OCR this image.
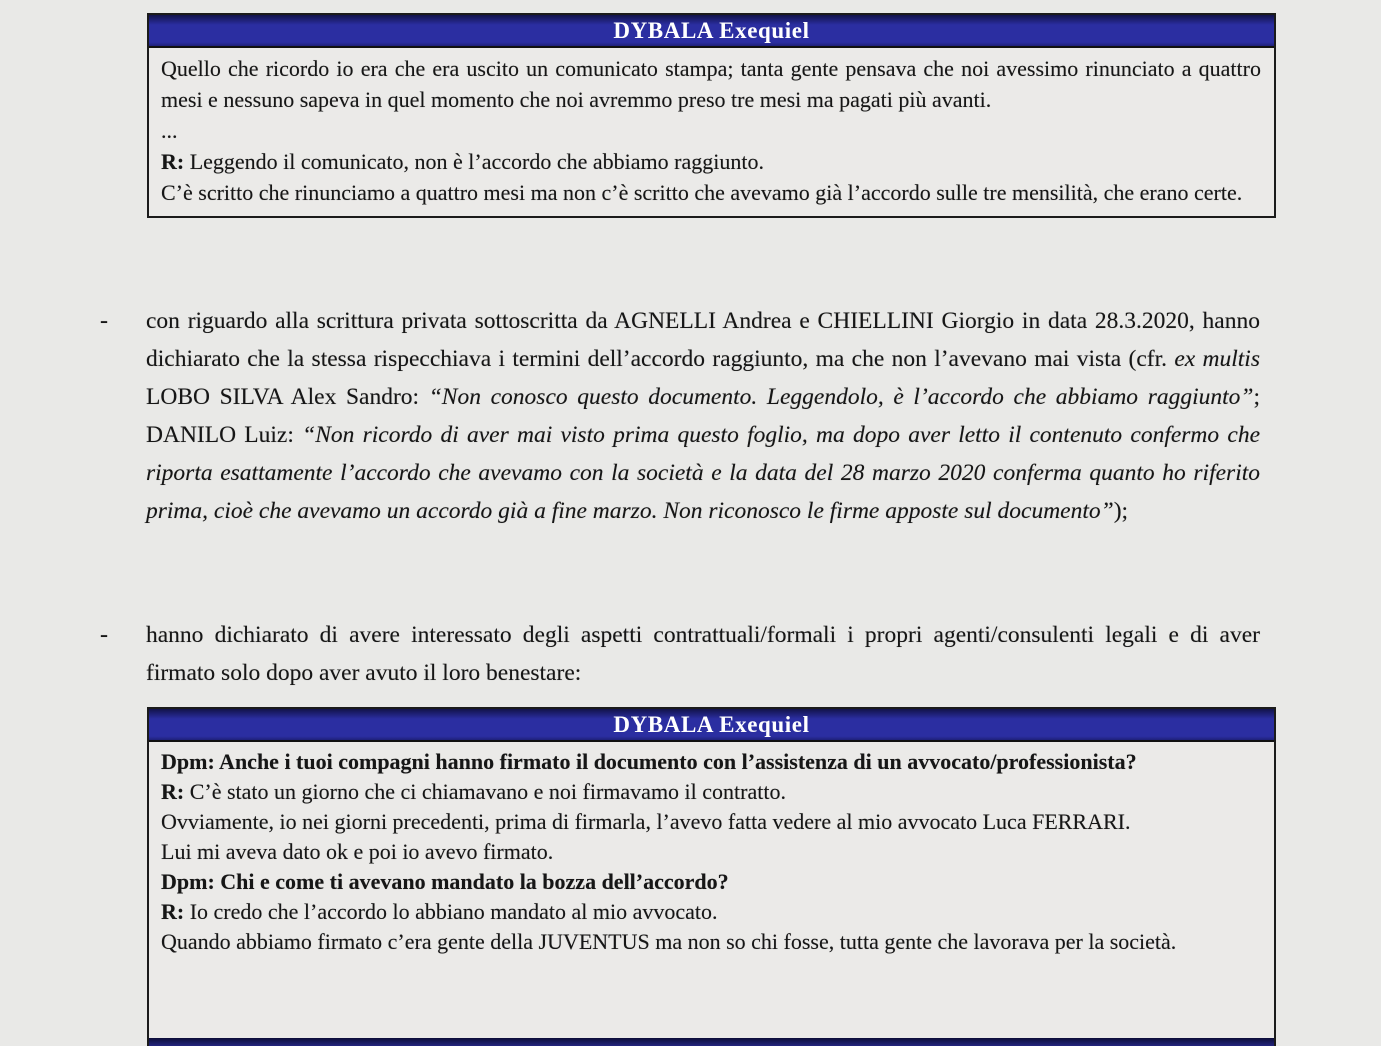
DYBALA Exequiel

Quello che ricordo io era che era uscito un comunicato stampa; tanta gente pensava che noi avessimo rinunciato a quattro mesi e nessuno sapeva in quel momento che noi avremmo preso tre mesi ma pagati più avanti.

...

R: Leggendo il comunicato, non è l’accordo che abbiamo raggiunto.

C’è scritto che rinunciamo a quattro mesi ma non c’è scritto che avevamo già l’accordo sulle tre mensilità, che erano certe.

-	con riguardo alla scrittura privata sottoscritta da AGNELLI Andrea e CHIELLINI Giorgio in data 28.3.2020, hanno dichiarato che la stessa rispecchiava i termini dell’accordo raggiunto, ma che non l’avevano mai vista (cfr. ex multis LOBO SILVA Alex Sandro: “Non conosco questo documento. Leggendolo, è l’accordo che abbiamo raggiunto”; DANILO Luiz: “Non ricordo di aver mai visto prima questo foglio, ma dopo aver letto il contenuto confermo che riporta esattamente l’accordo che avevamo con la società e la data del 28 marzo 2020 conferma quanto ho riferito prima, cioè che avevamo un accordo già a fine marzo. Non riconosco le firme apposte sul documento”);

-	hanno dichiarato di avere interessato degli aspetti contrattuali/formali i propri agenti/consulenti legali e di aver firmato solo dopo aver avuto il loro benestare:

DYBALA Exequiel

Dpm: Anche i tuoi compagni hanno firmato il documento con l’assistenza di un avvocato/professionista?

R: C’è stato un giorno che ci chiamavano e noi firmavamo il contratto.

Ovviamente, io nei giorni precedenti, prima di firmarla, l’avevo fatta vedere al mio avvocato Luca FERRARI.

Lui mi aveva dato ok e poi io avevo firmato.

Dpm: Chi e come ti avevano mandato la bozza dell’accordo?

R: Io credo che l’accordo lo abbiano mandato al mio avvocato.

Quando abbiamo firmato c’era gente della JUVENTUS ma non so chi fosse, tutta gente che lavorava per la società.
